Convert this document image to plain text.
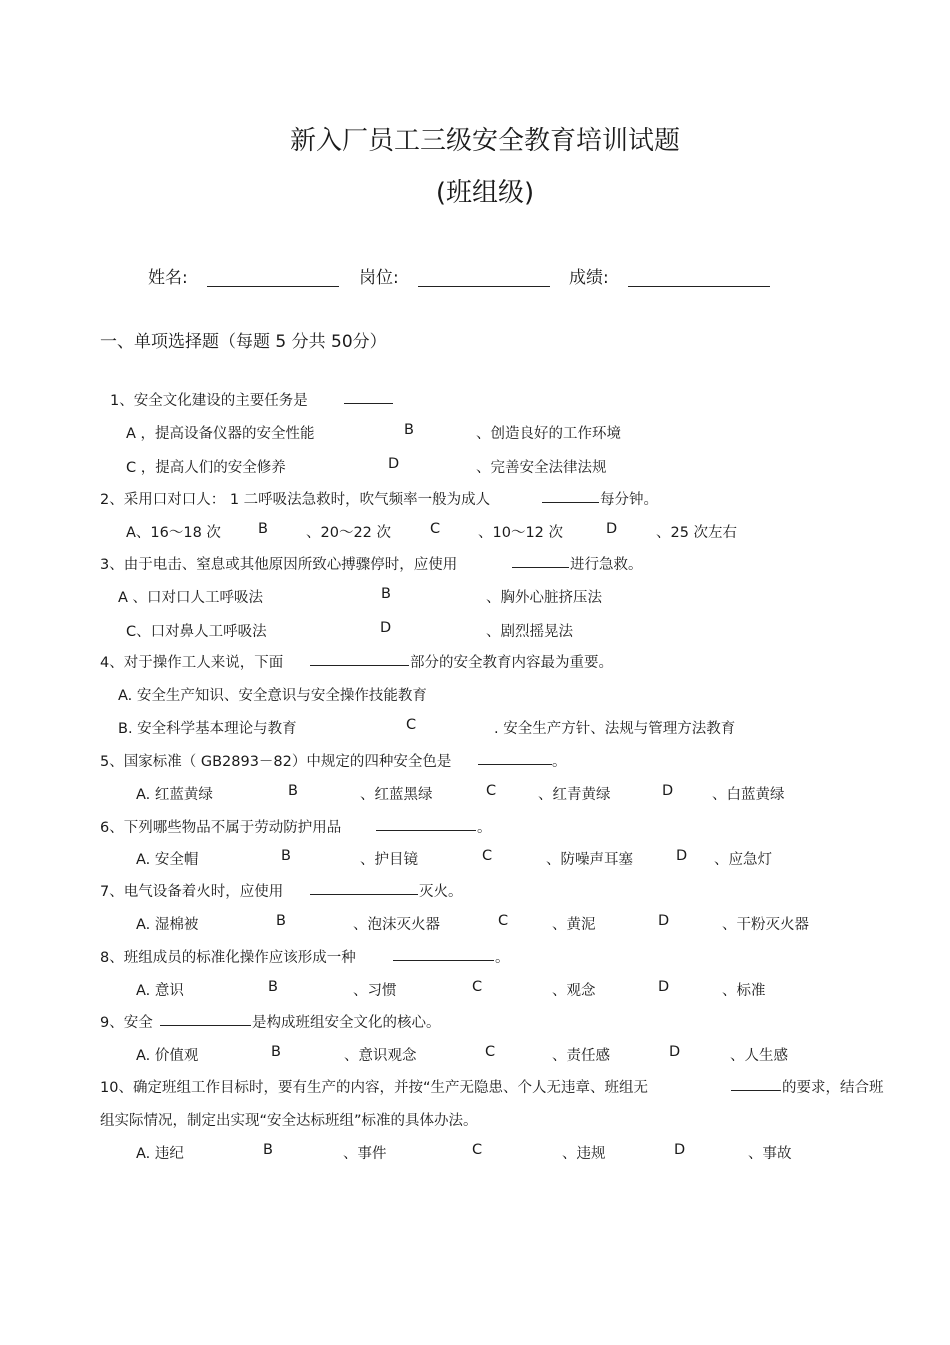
新入厂员工三级安全教育培训试题
(班组级)
姓名:	岗位:	成绩:
一、单项选择题（每题 5 分共 50分）
1、安全文化建设的主要任务是
A ，提高设备仪器的安全性能	B	、创造良好的工作环境
C ，提高人们的安全修养	D	、完善安全法律法规
2、采用口对口人： 1 二呼吸法急救时，吹气频率一般为成人	每分钟。
A、16～18 次	B	、20～22 次	C	、10～12 次	D	、25 次左右
3、由于电击、窒息或其他原因所致心搏骤停时，应使用	进行急救。
A 、口对口人工呼吸法	B	、胸外心脏挤压法
C、口对鼻人工呼吸法	D	、剧烈摇晃法
4、对于操作工人来说，下面	部分的安全教育内容最为重要。
A. 安全生产知识、安全意识与安全操作技能教育
B. 安全科学基本理论与教育	C	. 安全生产方针、法规与管理方法教育
5、国家标准（ GB2893－82）中规定的四种安全色是	。
A. 红蓝黄绿	B	、红蓝黑绿	C	、红青黄绿	D	、白蓝黄绿
6、下列哪些物品不属于劳动防护用品	。
A. 安全帽	B	、护目镜	C	、防噪声耳塞	D 、应急灯
7、电气设备着火时，应使用	灭火。
A. 湿棉被	B	、泡沫灭火器	C	、黄泥	D	、干粉灭火器
8、班组成员的标准化操作应该形成一种	。
A. 意识	B	、习惯	C	、观念	D	、标准
9、安全	是构成班组安全文化的核心。
A. 价值观	B	、意识观念	C	、责任感	D	、人生感
10、确定班组工作目标时，要有生产的内容，并按“生产无隐患、个人无违章、班组无	的要求，结合班
组实际情况，制定出实现“安全达标班组”标准的具体办法。
A. 违纪	B	、事件	C	、违规	D	、事故
